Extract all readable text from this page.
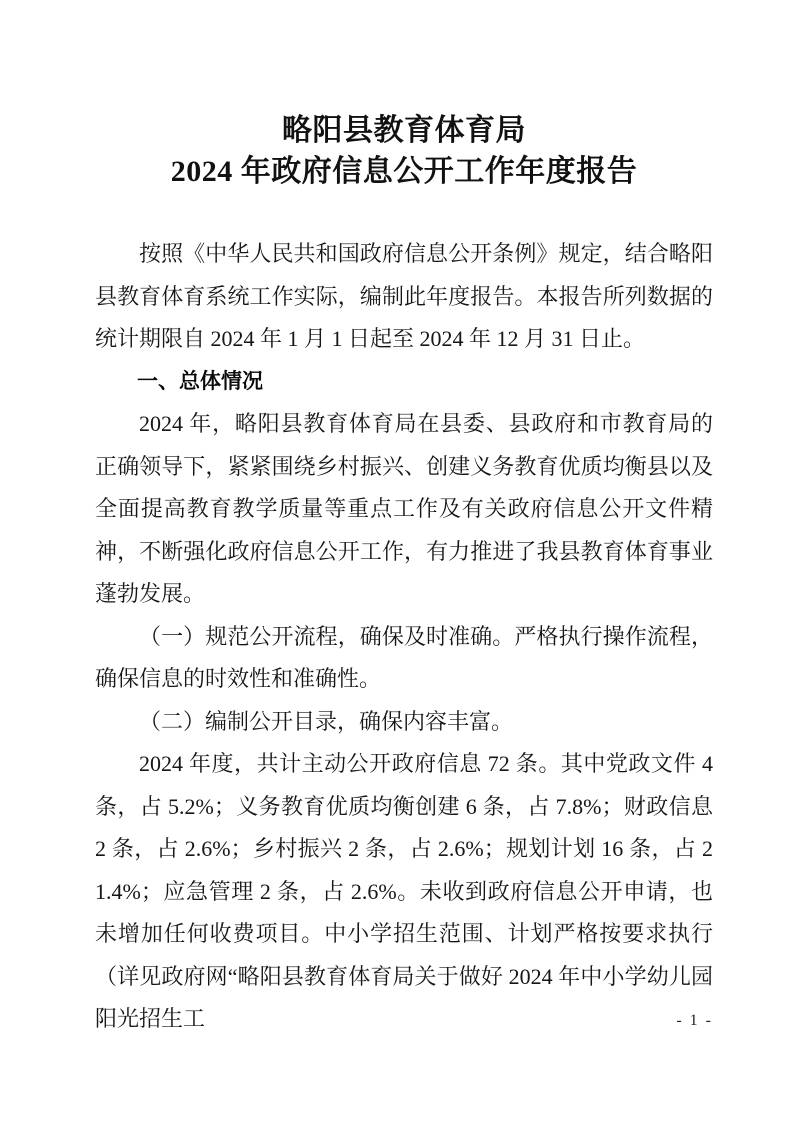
略阳县教育体育局
2024 年政府信息公开工作年度报告

按照《中华人民共和国政府信息公开条例》规定，结合略阳县教育体育系统工作实际，编制此年度报告。本报告所列数据的统计期限自 2024 年 1 月 1 日起至 2024 年 12 月 31 日止。

一、总体情况

2024 年，略阳县教育体育局在县委、县政府和市教育局的正确领导下，紧紧围绕乡村振兴、创建义务教育优质均衡县以及全面提高教育教学质量等重点工作及有关政府信息公开文件精神，不断强化政府信息公开工作，有力推进了我县教育体育事业蓬勃发展。

（一）规范公开流程，确保及时准确。严格执行操作流程，确保信息的时效性和准确性。

（二）编制公开目录，确保内容丰富。

2024 年度，共计主动公开政府信息 72 条。其中党政文件 4 条，占 5.2%；义务教育优质均衡创建 6 条，占 7.8%；财政信息 2 条，占 2.6%；乡村振兴 2 条，占 2.6%；规划计划 16 条，占 21.4%；应急管理 2 条，占 2.6%。未收到政府信息公开申请，也未增加任何收费项目。中小学招生范围、计划严格按要求执行（详见政府网“略阳县教育体育局关于做好 2024 年中小学幼儿园阳光招生工	- 1 -
